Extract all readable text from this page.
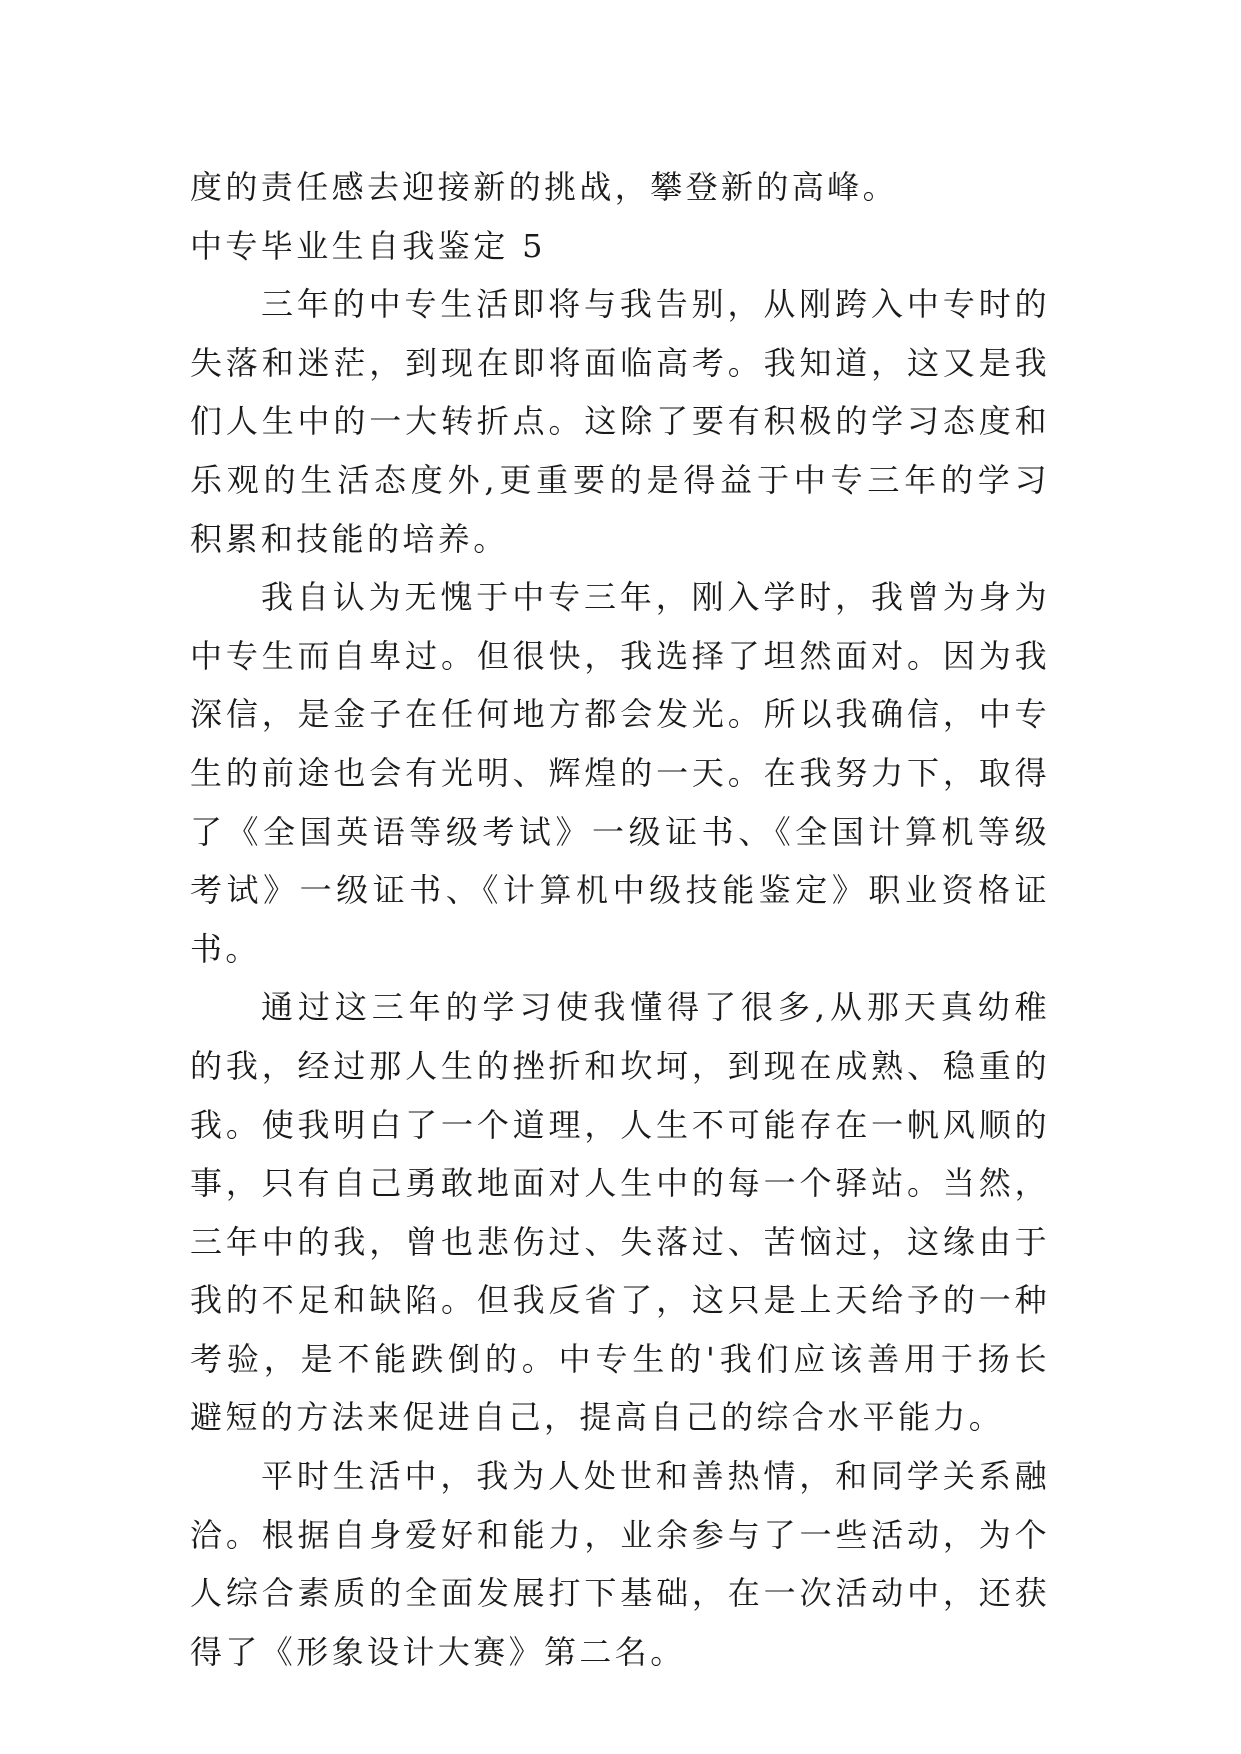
度的责任感去迎接新的挑战，攀登新的高峰。

中专毕业生自我鉴定 5

三年的中专生活即将与我告别，从刚跨入中专时的失落和迷茫，到现在即将面临高考。我知道，这又是我们人生中的一大转折点。这除了要有积极的学习态度和乐观的生活态度外,更重要的是得益于中专三年的学习积累和技能的培养。

我自认为无愧于中专三年，刚入学时，我曾为身为中专生而自卑过。但很快，我选择了坦然面对。因为我深信，是金子在任何地方都会发光。所以我确信，中专生的前途也会有光明、辉煌的一天。在我努力下，取得了《全国英语等级考试》一级证书、《全国计算机等级考试》一级证书、《计算机中级技能鉴定》职业资格证书。

通过这三年的学习使我懂得了很多,从那天真幼稚的我，经过那人生的挫折和坎坷，到现在成熟、稳重的我。使我明白了一个道理，人生不可能存在一帆风顺的事，只有自己勇敢地面对人生中的每一个驿站。当然，三年中的我，曾也悲伤过、失落过、苦恼过，这缘由于我的不足和缺陷。但我反省了，这只是上天给予的一种考验，是不能跌倒的。中专生的'我们应该善用于扬长避短的方法来促进自己，提高自己的综合水平能力。

平时生活中，我为人处世和善热情，和同学关系融洽。根据自身爱好和能力，业余参与了一些活动，为个人综合素质的全面发展打下基础，在一次活动中，还获得了《形象设计大赛》第二名。
